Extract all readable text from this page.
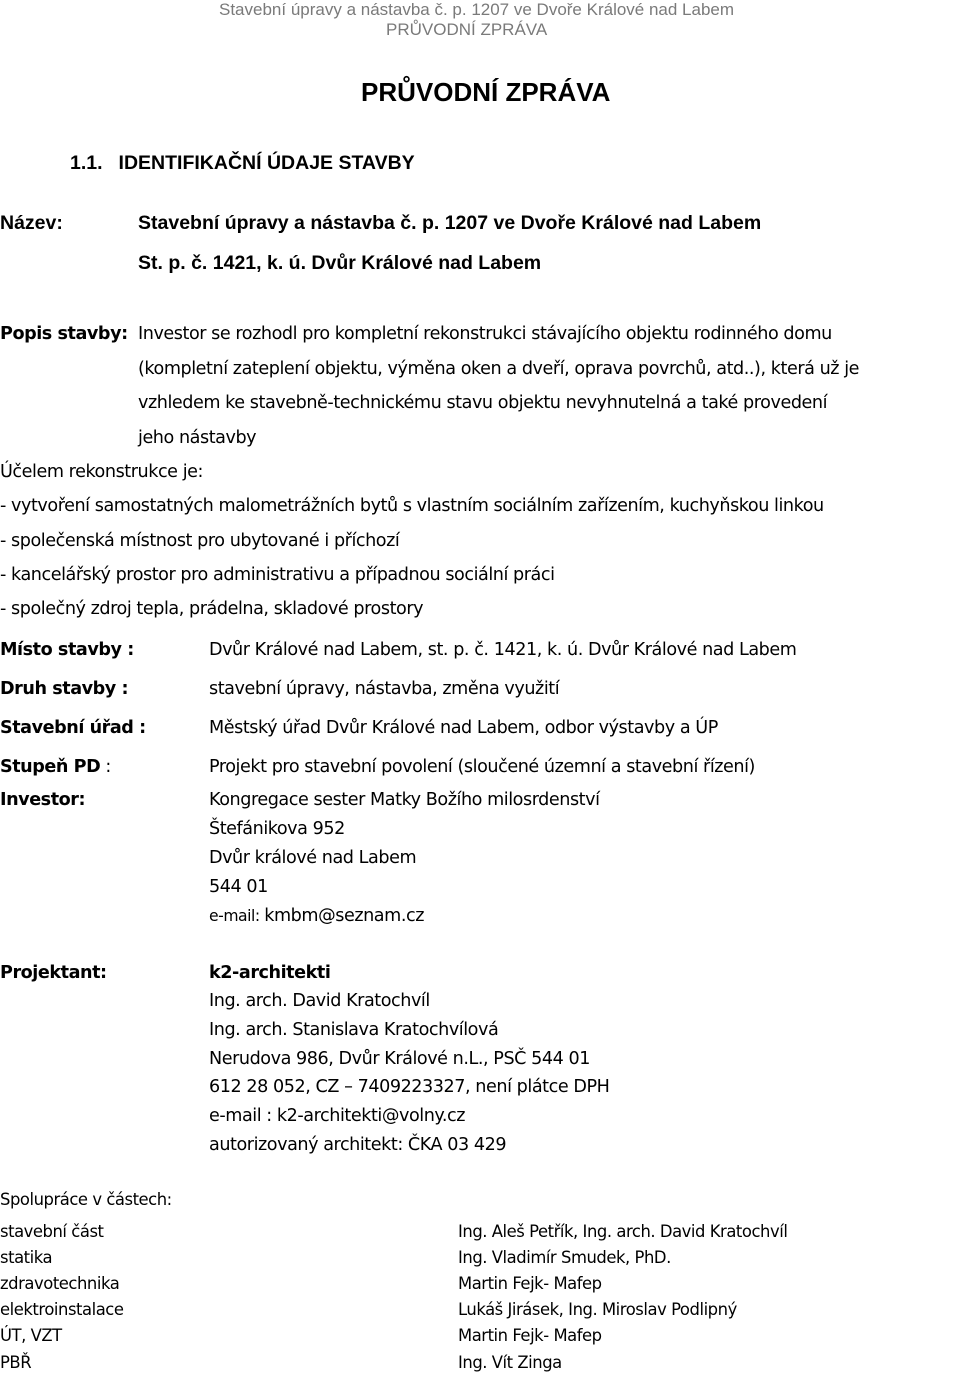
Stavební úpravy a nástavba č. p. 1207 ve Dvoře Králové nad Labem
PRŮVODNÍ ZPRÁVA
PRŮVODNÍ ZPRÁVA
1.1. IDENTIFIKAČNÍ ÚDAJE STAVBY
Název:	Stavební úpravy a nástavba č. p. 1207 ve Dvoře Králové nad Labem
St. p. č. 1421, k. ú. Dvůr Králové nad Labem
Popis stavby: Investor se rozhodl pro kompletní rekonstrukci stávajícího objektu rodinného domu
(kompletní zateplení objektu, výměna oken a dveří, oprava povrchů, atd..), která už je
vzhledem ke stavebně-technickému stavu objektu nevyhnutelná a také provedení
jeho nástavby
Účelem rekonstrukce je:
- vytvoření samostatných malometrážních bytů s vlastním sociálním zařízením, kuchyňskou linkou
- společenská místnost pro ubytované i příchozí
- kancelářský prostor pro administrativu a případnou sociální práci
- společný zdroj tepla, prádelna, skladové prostory
Místo stavby :	Dvůr Králové nad Labem, st. p. č. 1421, k. ú. Dvůr Králové nad Labem
Druh stavby :	stavební úpravy, nástavba, změna využití
Stavební úřad :	Městský úřad Dvůr Králové nad Labem, odbor výstavby a ÚP
Stupeň PD :	Projekt pro stavební povolení (sloučené územní a stavební řízení)
Investor:	Kongregace sester Matky Božího milosrdenství
Štefánikova 952
Dvůr králové nad Labem
544 01
e-mail: kmbm@seznam.cz
Projektant:	k2-architekti
Ing. arch. David Kratochvíl
Ing. arch. Stanislava Kratochvílová
Nerudova 986, Dvůr Králové n.L., PSČ 544 01
612 28 052, CZ – 7409223327, není plátce DPH
e-mail : k2-architekti@volny.cz
autorizovaný architekt: ČKA 03 429
Spolupráce v částech:
stavební část	Ing. Aleš Petřík, Ing. arch. David Kratochvíl
statika	Ing. Vladimír Smudek, PhD.
zdravotechnika	Martin Fejk- Mafep
elektroinstalace	Lukáš Jirásek, Ing. Miroslav Podlipný
ÚT, VZT	Martin Fejk- Mafep
PBŘ	Ing. Vít Zinga
